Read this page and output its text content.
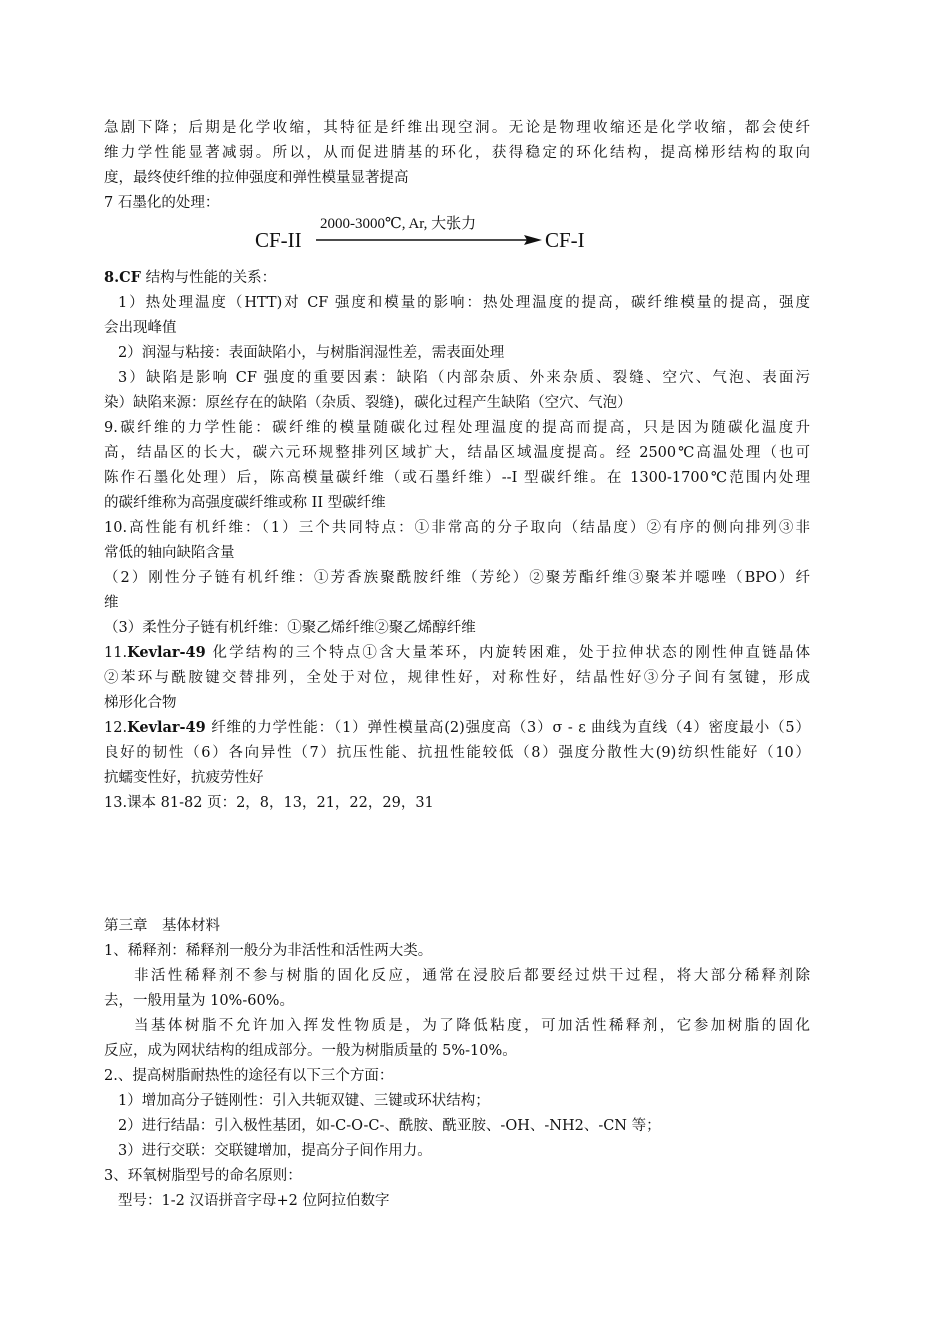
急剧下降；后期是化学收缩，其特征是纤维出现空洞。无论是物理收缩还是化学收缩，都会使纤
维力学性能显著减弱。所以，从而促进腈基的环化，获得稳定的环化结构，提高梯形结构的取向
度，最终使纤维的拉伸强度和弹性模量显著提高
7 石墨化的处理：
CF-II
2000-3000℃, Ar, 大张力
CF-I
8.CF 结构与性能的关系：
1）热处理温度（HTT)对 CF 强度和模量的影响：热处理温度的提高，碳纤维模量的提高，强度
会出现峰值
2）润湿与粘接：表面缺陷小，与树脂润湿性差，需表面处理
3）缺陷是影响 CF 强度的重要因素：缺陷（内部杂质、外来杂质、裂缝、空穴、气泡、表面污
染）缺陷来源：原丝存在的缺陷（杂质、裂缝)，碳化过程产生缺陷（空穴、气泡）
9.碳纤维的力学性能：碳纤维的模量随碳化过程处理温度的提高而提高，只是因为随碳化温度升
高，结晶区的长大，碳六元环规整排列区域扩大，结晶区域温度提高。经 2500℃高温处理（也可
陈作石墨化处理）后，陈高模量碳纤维（或石墨纤维）--I 型碳纤维。在 1300-1700℃范围内处理
的碳纤维称为高强度碳纤维或称 II 型碳纤维
10.高性能有机纤维：（1）三个共同特点：①非常高的分子取向（结晶度）②有序的侧向排列③非
常低的轴向缺陷含量
（2）刚性分子链有机纤维：①芳香族聚酰胺纤维（芳纶）②聚芳酯纤维③聚苯并噁唑（BPO）纤
维
（3）柔性分子链有机纤维：①聚乙烯纤维②聚乙烯醇纤维
11.Kevlar-49 化学结构的三个特点①含大量苯环，内旋转困难，处于拉伸状态的刚性伸直链晶体
②苯环与酰胺键交替排列，全处于对位，规律性好，对称性好，结晶性好③分子间有氢键，形成
梯形化合物
12.Kevlar-49 纤维的力学性能：（1）弹性模量高(2)强度高（3）σ - ε 曲线为直线（4）密度最小（5）
良好的韧性（6）各向异性（7）抗压性能、抗扭性能较低（8）强度分散性大(9)纺织性能好（10）
抗蠕变性好，抗疲劳性好
13.课本 81-82 页：2，8，13，21，22，29，31
第三章　基体材料
1、稀释剂：稀释剂一般分为非活性和活性两大类。
非活性稀释剂不参与树脂的固化反应，通常在浸胶后都要经过烘干过程，将大部分稀释剂除
去，一般用量为 10%-60%。
当基体树脂不允许加入挥发性物质是，为了降低粘度，可加活性稀释剂，它参加树脂的固化
反应，成为网状结构的组成部分。一般为树脂质量的 5%-10%。
2.、提高树脂耐热性的途径有以下三个方面：
1）增加高分子链刚性：引入共轭双键、三键或环状结构；
2）进行结晶：引入极性基团，如-C-O-C-、酰胺、酰亚胺、-OH、-NH2、-CN 等；
3）进行交联：交联键增加，提高分子间作用力。
3、环氧树脂型号的命名原则：
型号：1-2 汉语拼音字母+2 位阿拉伯数字
